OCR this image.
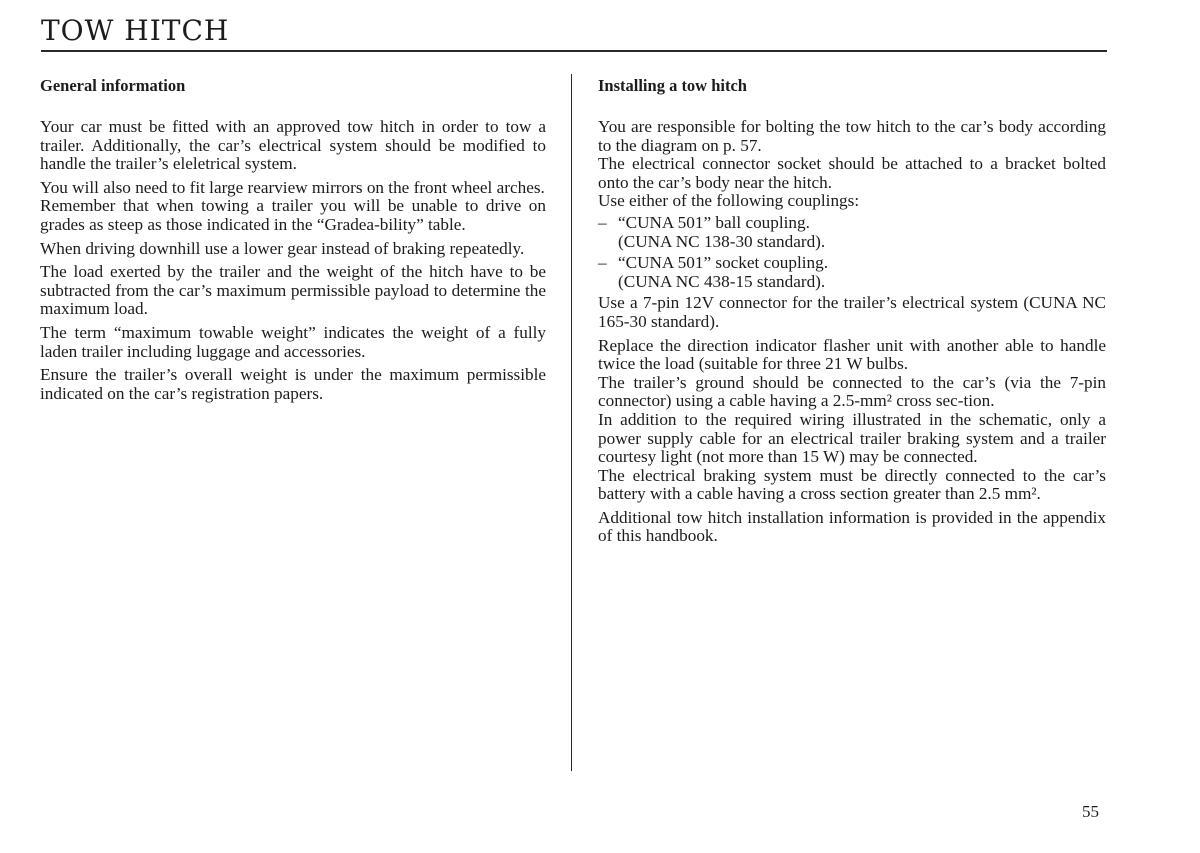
TOW HITCH
General information

Your car must be fitted with an approved tow hitch in order to tow a trailer. Additionally, the car’s electrical system should be modified to handle the trailer’s eleletrical system.

You will also need to fit large rearview mirrors on the front wheel arches.

Remember that when towing a trailer you will be unable to drive on grades as steep as those indicated in the “Gradea-bility” table.

When driving downhill use a lower gear instead of braking repeatedly.

The load exerted by the trailer and the weight of the hitch have to be subtracted from the car’s maximum permissible payload to determine the maximum load.

The term “maximum towable weight” indicates the weight of a fully laden trailer including luggage and accessories.

Ensure the trailer’s overall weight is under the maximum permissible indicated on the car’s registration papers.

Installing a tow hitch

You are responsible for bolting the tow hitch to the car’s body according to the diagram on p. 57.

The electrical connector socket should be attached to a bracket bolted onto the car’s body near the hitch.

Use either of the following couplings:

– “CUNA 501” ball coupling.
(CUNA NC 138-30 standard).
– “CUNA 501” socket coupling.
(CUNA NC 438-15 standard).

Use a 7-pin 12V connector for the trailer’s electrical system (CUNA NC 165-30 standard).

Replace the direction indicator flasher unit with another able to handle twice the load (suitable for three 21 W bulbs.

The trailer’s ground should be connected to the car’s (via the 7-pin connector) using a cable having a 2.5-mm² cross sec-tion.

In addition to the required wiring illustrated in the schematic, only a power supply cable for an electrical trailer braking system and a trailer courtesy light (not more than 15 W) may be connected.

The electrical braking system must be directly connected to the car’s battery with a cable having a cross section greater than 2.5 mm².

Additional tow hitch installation information is provided in the appendix of this handbook.

55
